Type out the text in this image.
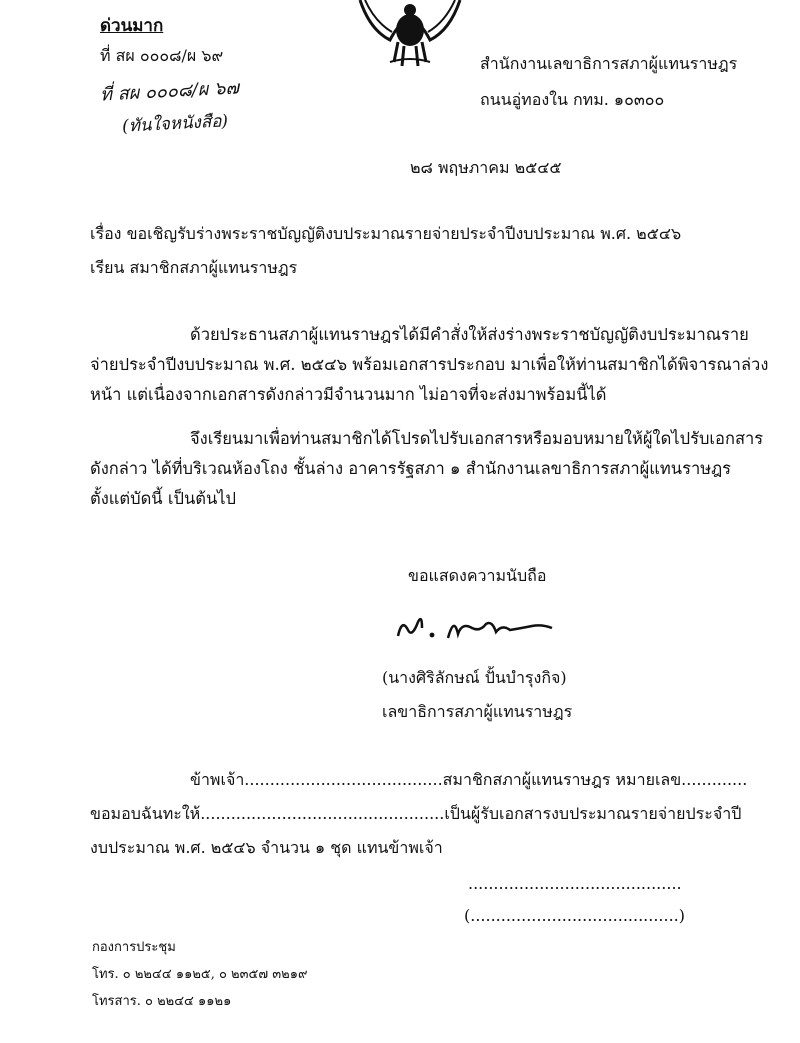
ด่วนมาก
ที่ สผ ๐๐๐๘/ผ ๖๙
ที่ สผ ๐๐๐๘/ผ ๖๗
(ทันใจหนังสือ)
สำนักงานเลขาธิการสภาผู้แทนราษฎร
ถนนอู่ทองใน กทม. ๑๐๓๐๐
๒๘ พฤษภาคม ๒๕๔๕
เรื่อง ขอเชิญรับร่างพระราชบัญญัติงบประมาณรายจ่ายประจำปีงบประมาณ พ.ศ. ๒๕๔๖
เรียน สมาชิกสภาผู้แทนราษฎร
ด้วยประธานสภาผู้แทนราษฎรได้มีคำสั่งให้ส่งร่างพระราชบัญญัติงบประมาณรายจ่ายประจำปีงบประมาณ พ.ศ. ๒๕๔๖ พร้อมเอกสารประกอบ มาเพื่อให้ท่านสมาชิกได้พิจารณาล่วงหน้า แต่เนื่องจากเอกสารดังกล่าวมีจำนวนมาก ไม่อาจที่จะส่งมาพร้อมนี้ได้
จึงเรียนมาเพื่อท่านสมาชิกได้โปรดไปรับเอกสารหรือมอบหมายให้ผู้ใดไปรับเอกสารดังกล่าว ได้ที่บริเวณห้องโถง ชั้นล่าง อาคารรัฐสภา ๑ สำนักงานเลขาธิการสภาผู้แทนราษฎร ตั้งแต่บัดนี้ เป็นต้นไป
ขอแสดงความนับถือ
(นางศิริลักษณ์ ปั้นบำรุงกิจ)
เลขาธิการสภาผู้แทนราษฎร
ข้าพเจ้า.......................................สมาชิกสภาผู้แทนราษฎร หมายเลข.............
ขอมอบฉันทะให้................................................เป็นผู้รับเอกสารงบประมาณรายจ่ายประจำปี
งบประมาณ พ.ศ. ๒๕๔๖ จำนวน ๑ ชุด แทนข้าพเจ้า
..........................................
(.........................................)
กองการประชุม
โทร. ๐ ๒๒๔๔ ๑๑๒๕, ๐ ๒๓๕๗ ๓๒๑๙
โทรสาร. ๐ ๒๒๔๔ ๑๑๒๑
